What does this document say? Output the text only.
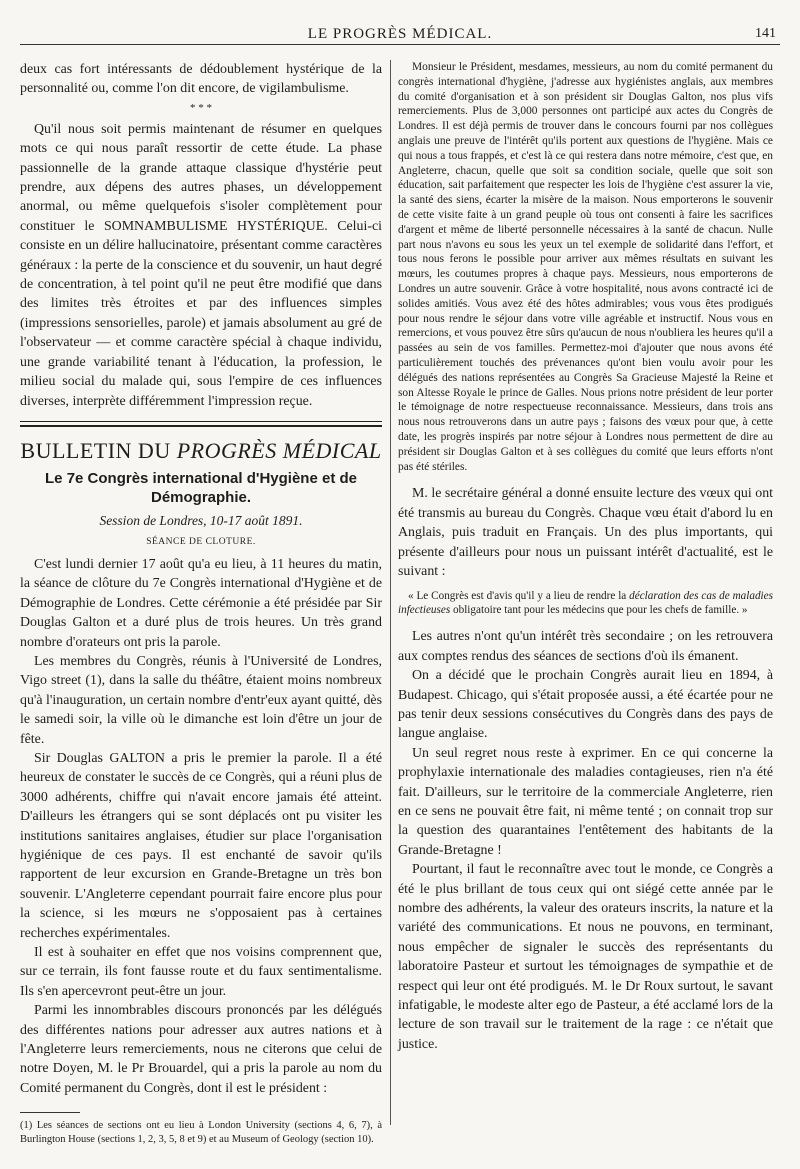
LE PROGRÈS MÉDICAL.	141

deux cas fort intéressants de dédoublement hystérique de la personnalité ou, comme l'on dit encore, de vigilambulisme.

* * *

Qu'il nous soit permis maintenant de résumer en quelques mots ce qui nous paraît ressortir de cette étude. La phase passionnelle de la grande attaque classique d'hystérie peut prendre, aux dépens des autres phases, un développement anormal, ou même quelquefois s'isoler complètement pour constituer le SOMNAMBULISME HYSTÉRIQUE. Celui-ci consiste en un délire hallucinatoire, présentant comme caractères généraux : la perte de la conscience et du souvenir, un haut degré de concentration, à tel point qu'il ne peut être modifié que dans des limites très étroites et par des influences simples (impressions sensorielles, parole) et jamais absolument au gré de l'observateur — et comme caractère spécial à chaque individu, une grande variabilité tenant à l'éducation, la profession, le milieu social du malade qui, sous l'empire de ces influences diverses, interprète différemment l'impression reçue.

BULLETIN DU PROGRÈS MÉDICAL
Le 7e Congrès international d'Hygiène et de Démographie.
Session de Londres, 10-17 août 1891.
SÉANCE DE CLOTURE.

C'est lundi dernier 17 août qu'a eu lieu, à 11 heures du matin, la séance de clôture du 7e Congrès international d'Hygiène et de Démographie de Londres. Cette cérémonie a été présidée par Sir Douglas Galton et a duré plus de trois heures. Un très grand nombre d'orateurs ont pris la parole.

Les membres du Congrès, réunis à l'Université de Londres, Vigo street (1), dans la salle du théâtre, étaient moins nombreux qu'à l'inauguration, un certain nombre d'entr'eux ayant quitté, dès le samedi soir, la ville où le dimanche est loin d'être un jour de fête.

Sir Douglas GALTON a pris le premier la parole. Il a été heureux de constater le succès de ce Congrès, qui a réuni plus de 3000 adhérents, chiffre qui n'avait encore jamais été atteint. D'ailleurs les étrangers qui se sont déplacés ont pu visiter les institutions sanitaires anglaises, étudier sur place l'organisation hygiénique de ces pays. Il est enchanté de savoir qu'ils rapportent de leur excursion en Grande-Bretagne un très bon souvenir. L'Angleterre cependant pourrait faire encore plus pour la science, si les mœurs ne s'opposaient pas à certaines recherches expérimentales.

Il est à souhaiter en effet que nos voisins comprennent que, sur ce terrain, ils font fausse route et du faux sentimentalisme. Ils s'en apercevront peut-être un jour.

Parmi les innombrables discours prononcés par les délégués des différentes nations pour adresser aux autres nations et à l'Angleterre leurs remerciements, nous ne citerons que celui de notre Doyen, M. le Pr Brouardel, qui a pris la parole au nom du Comité permanent du Congrès, dont il est le président :

(1) Les séances de sections ont eu lieu à London University (sections 4, 6, 7), à Burlington House (sections 1, 2, 3, 5, 8 et 9) et au Museum of Geology (section 10).

Monsieur le Président, mesdames, messieurs, au nom du comité permanent du congrès international d'hygiène, j'adresse aux hygiénistes anglais, aux membres du comité d'organisation et à son président sir Douglas Galton, nos plus vifs remerciements. Plus de 3,000 personnes ont participé aux actes du Congrès de Londres. Il est déjà permis de trouver dans le concours fourni par nos collègues anglais une preuve de l'intérêt qu'ils portent aux questions de l'hygiène. Mais ce qui nous a tous frappés, et c'est là ce qui restera dans notre mémoire, c'est que, en Angleterre, chacun, quelle que soit sa condition sociale, quelle que soit son éducation, sait parfaitement que respecter les lois de l'hygiène c'est assurer la vie, la santé des siens, écarter la misère de la maison. Nous emporterons le souvenir de cette visite faite à un grand peuple où tous ont consenti à faire les sacrifices d'argent et même de liberté personnelle nécessaires à la santé de chacun. Nulle part nous n'avons eu sous les yeux un tel exemple de solidarité dans l'effort, et tous nous ferons le possible pour arriver aux mêmes résultats en suivant les mœurs, les coutumes propres à chaque pays. Messieurs, nous emporterons de Londres un autre souvenir. Grâce à votre hospitalité, nous avons contracté ici de solides amitiés. Vous avez été des hôtes admirables; vous vous êtes prodigués pour nous rendre le séjour dans votre ville agréable et instructif. Nous vous en remercions, et vous pouvez être sûrs qu'aucun de nous n'oubliera les heures qu'il a passées au sein de vos familles. Permettez-moi d'ajouter que nous avons été particulièrement touchés des prévenances qu'ont bien voulu avoir pour les délégués des nations représentées au Congrès Sa Gracieuse Majesté la Reine et son Altesse Royale le prince de Galles. Nous prions notre président de leur porter le témoignage de notre respectueuse reconnaissance. Messieurs, dans trois ans nous nous retrouverons dans un autre pays ; faisons des vœux pour que, à cette date, les progrès inspirés par notre séjour à Londres nous permettent de dire au président sir Douglas Galton et à ses collègues du comité que leurs efforts n'ont pas été stériles.

M. le secrétaire général a donné ensuite lecture des vœux qui ont été transmis au bureau du Congrès. Chaque vœu était d'abord lu en Anglais, puis traduit en Français. Un des plus importants, qui présente d'ailleurs pour nous un puissant intérêt d'actualité, est le suivant :

« Le Congrès est d'avis qu'il y a lieu de rendre la déclaration des cas de maladies infectieuses obligatoire tant pour les médecins que pour les chefs de famille. »

Les autres n'ont qu'un intérêt très secondaire ; on les retrouvera aux comptes rendus des séances de sections d'où ils émanent.

On a décidé que le prochain Congrès aurait lieu en 1894, à Budapest. Chicago, qui s'était proposée aussi, a été écartée pour ne pas tenir deux sessions consécutives du Congrès dans des pays de langue anglaise.

Un seul regret nous reste à exprimer. En ce qui concerne la prophylaxie internationale des maladies contagieuses, rien n'a été fait. D'ailleurs, sur le territoire de la commerciale Angleterre, rien en ce sens ne pouvait être fait, ni même tenté ; on connait trop sur la question des quarantaines l'entêtement des habitants de la Grande-Bretagne !

Pourtant, il faut le reconnaître avec tout le monde, ce Congrès a été le plus brillant de tous ceux qui ont siégé cette année par le nombre des adhérents, la valeur des orateurs inscrits, la nature et la variété des communications. Et nous ne pouvons, en terminant, nous empêcher de signaler le succès des représentants du laboratoire Pasteur et surtout les témoignages de sympathie et de respect qui leur ont été prodigués. M. le Dr Roux surtout, le savant infatigable, le modeste alter ego de Pasteur, a été acclamé lors de la lecture de son travail sur le traitement de la rage : ce n'était que justice.
